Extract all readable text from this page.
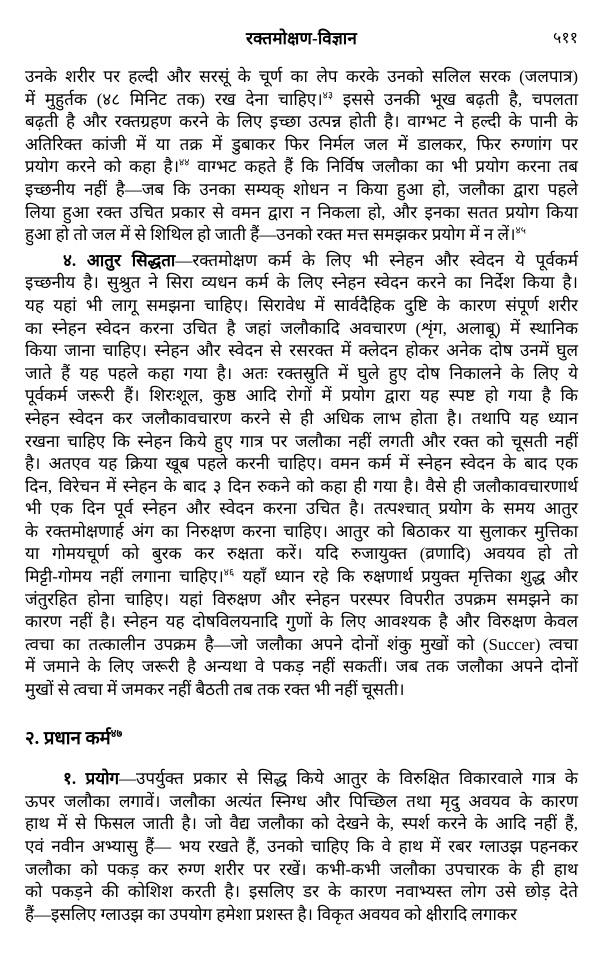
रक्तमोक्षण-विज्ञान	५११
उनके शरीर पर हल्दी और सरसूं के चूर्ण का लेप करके उनको सलिल सरक (जलपात्र)
में मुहुर्तक (४८ मिनिट तक) रख देना चाहिए।$^{४३}$ इससे उनकी भूख बढ़ती है, चपलता
बढ़ती है और रक्तग्रहण करने के लिए इच्छा उत्पन्न होती है। वाग्भट ने हल्दी के पानी के
अतिरिक्त कांजी में या तक्र में डुबाकर फिर निर्मल जल में डालकर, फिर रुग्णांग पर
प्रयोग करने को कहा है।$^{४४}$ वाग्भट कहते हैं कि निर्विष जलौका का भी प्रयोग करना तब
इच्छनीय नहीं है—जब कि उनका सम्यक् शोधन न किया हुआ हो, जलौका द्वारा पहले
लिया हुआ रक्त उचित प्रकार से वमन द्वारा न निकला हो, और इनका सतत प्रयोग किया
हुआ हो तो जल में से शिथिल हो जाती हैं—उनको रक्त मत्त समझकर प्रयोग में न लें।$^{४५}$
४. आतुर सिद्धता—रक्तमोक्षण कर्म के लिए भी स्नेहन और स्वेदन ये पूर्वकर्म
इच्छनीय है। सुश्रुत ने सिरा व्यधन कर्म के लिए स्नेहन स्वेदन करने का निर्देश किया है।
यह यहां भी लागू समझना चाहिए। सिरावेध में सार्वदैहिक दुष्टि के कारण संपूर्ण शरीर
का स्नेहन स्वेदन करना उचित है जहां जलौकादि अवचारण (शृंग, अलाबू) में स्थानिक
किया जाना चाहिए। स्नेहन और स्वेदन से रसरक्त में क्लेदन होकर अनेक दोष उनमें घुल
जाते हैं यह पहले कहा गया है। अतः रक्तस्रुति में घुले हुए दोष निकालने के लिए ये
पूर्वकर्म जरूरी हैं। शिरःशूल, कुष्ठ आदि रोगों में प्रयोग द्वारा यह स्पष्ट हो गया है कि
स्नेहन स्वेदन कर जलौकावचारण करने से ही अधिक लाभ होता है। तथापि यह ध्यान
रखना चाहिए कि स्नेहन किये हुए गात्र पर जलौका नहीं लगती और रक्त को चूसती नहीं
है। अतएव यह क्रिया खूब पहले करनी चाहिए। वमन कर्म में स्नेहन स्वेदन के बाद एक
दिन, विरेचन में स्नेहन के बाद ३ दिन रुकने को कहा ही गया है। वैसे ही जलौकावचारणार्थ
भी एक दिन पूर्व स्नेहन और स्वेदन करना उचित है। तत्पश्चात् प्रयोग के समय आतुर
के रक्तमोक्षणार्ह अंग का निरुक्षण करना चाहिए। आतुर को बिठाकर या सुलाकर मुत्तिका
या गोमयचूर्ण को बुरक कर रुक्षता करें। यदि रुजायुक्त (व्रणादि) अवयव हो तो
मिट्टी-गोमय नहीं लगाना चाहिए।$^{४६}$ यहाँ ध्यान रहे कि रुक्षणार्थ प्रयुक्त मृत्तिका शुद्ध और
जंतुरहित होना चाहिए। यहां विरुक्षण और स्नेहन परस्पर विपरीत उपक्रम समझने का
कारण नहीं है। स्नेहन यह दोषविलयनादि गुणों के लिए आवश्यक है और विरुक्षण केवल
त्वचा का तत्कालीन उपक्रम है—जो जलौका अपने दोनों शंकु मुखों को (Succer) त्वचा
में जमाने के लिए जरूरी है अन्यथा वे पकड़ नहीं सकतीं। जब तक जलौका अपने दोनों
मुखों से त्वचा में जमकर नहीं बैठती तब तक रक्त भी नहीं चूसती।
२. प्रधान कर्म$^{४७}$
१. प्रयोग—उपर्युक्त प्रकार से सिद्ध किये आतुर के विरुक्षित विकारवाले गात्र के
ऊपर जलौका लगावें। जलौका अत्यंत स्निग्ध और पिच्छिल तथा मृदु अवयव के कारण
हाथ में से फिसल जाती है। जो वैद्य जलौका को देखने के, स्पर्श करने के आदि नहीं हैं,
एवं नवीन अभ्यासु हैं— भय रखते हैं, उनको चाहिए कि वे हाथ में रबर ग्लाउझ पहनकर
जलौका को पकड़ कर रुग्ण शरीर पर रखें। कभी-कभी जलौका उपचारक के ही हाथ
को पकड़ने की कोशिश करती है। इसलिए डर के कारण नवाभ्यस्त लोग उसे छोड़ देते
हैं—इसलिए ग्लाउझ का उपयोग हमेशा प्रशस्त है। विकृत अवयव को क्षीरादि लगाकर
